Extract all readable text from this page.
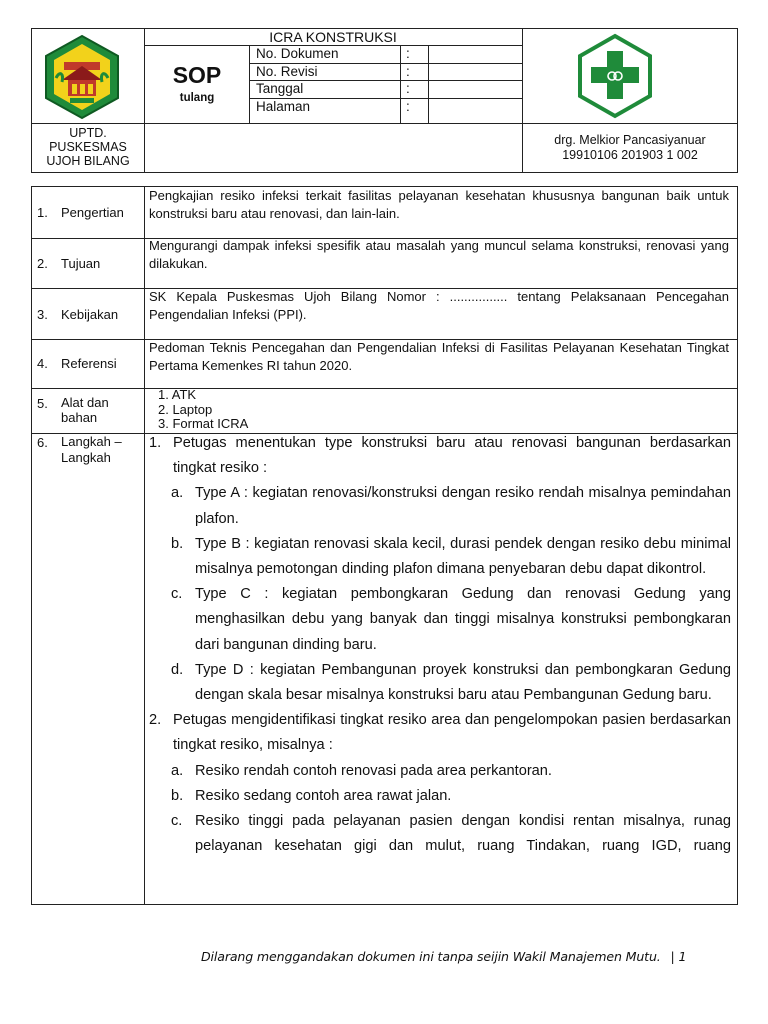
ICRA KONSTRUKSI
SOP
tulang
No. Dokumen	:
No. Revisi	:
Tanggal	:
Halaman	:
UPTD.
PUSKESMAS
UJOH BILANG
drg. Melkior Pancasiyanuar
19910106 201903 1 002
1. Pengertian
Pengkajian resiko infeksi terkait fasilitas pelayanan kesehatan khususnya bangunan baik untuk konstruksi baru atau renovasi, dan lain-lain.
2. Tujuan
Mengurangi dampak infeksi spesifik atau masalah yang muncul selama konstruksi, renovasi yang dilakukan.
3. Kebijakan
SK Kepala Puskesmas Ujoh Bilang Nomor : ................ tentang Pelaksanaan Pencegahan Pengendalian Infeksi (PPI).
4. Referensi
Pedoman Teknis Pencegahan dan Pengendalian Infeksi di Fasilitas Pelayanan Kesehatan Tingkat Pertama Kemenkes RI tahun 2020.
5. Alat dan
bahan
1. ATK
2. Laptop
3. Format ICRA
6. Langkah –
Langkah
1. Petugas menentukan type konstruksi baru atau renovasi bangunan berdasarkan tingkat resiko :
a. Type A : kegiatan renovasi/konstruksi dengan resiko rendah misalnya pemindahan plafon.
b. Type B : kegiatan renovasi skala kecil, durasi pendek dengan resiko debu minimal misalnya pemotongan dinding plafon dimana penyebaran debu dapat dikontrol.
c. Type C : kegiatan pembongkaran Gedung dan renovasi Gedung yang menghasilkan debu yang banyak dan tinggi misalnya konstruksi pembongkaran dari bangunan dinding baru.
d. Type D : kegiatan Pembangunan proyek konstruksi dan pembongkaran Gedung dengan skala besar misalnya konstruksi baru atau Pembangunan Gedung baru.
2. Petugas mengidentifikasi tingkat resiko area dan pengelompokan pasien berdasarkan tingkat resiko, misalnya :
a. Resiko rendah contoh renovasi pada area perkantoran.
b. Resiko sedang contoh area rawat jalan.
c. Resiko tinggi pada pelayanan pasien dengan kondisi rentan misalnya, runag pelayanan kesehatan gigi dan mulut, ruang Tindakan, ruang IGD, ruang
Dilarang menggandakan dokumen ini tanpa seijin Wakil Manajemen Mutu. | 1
